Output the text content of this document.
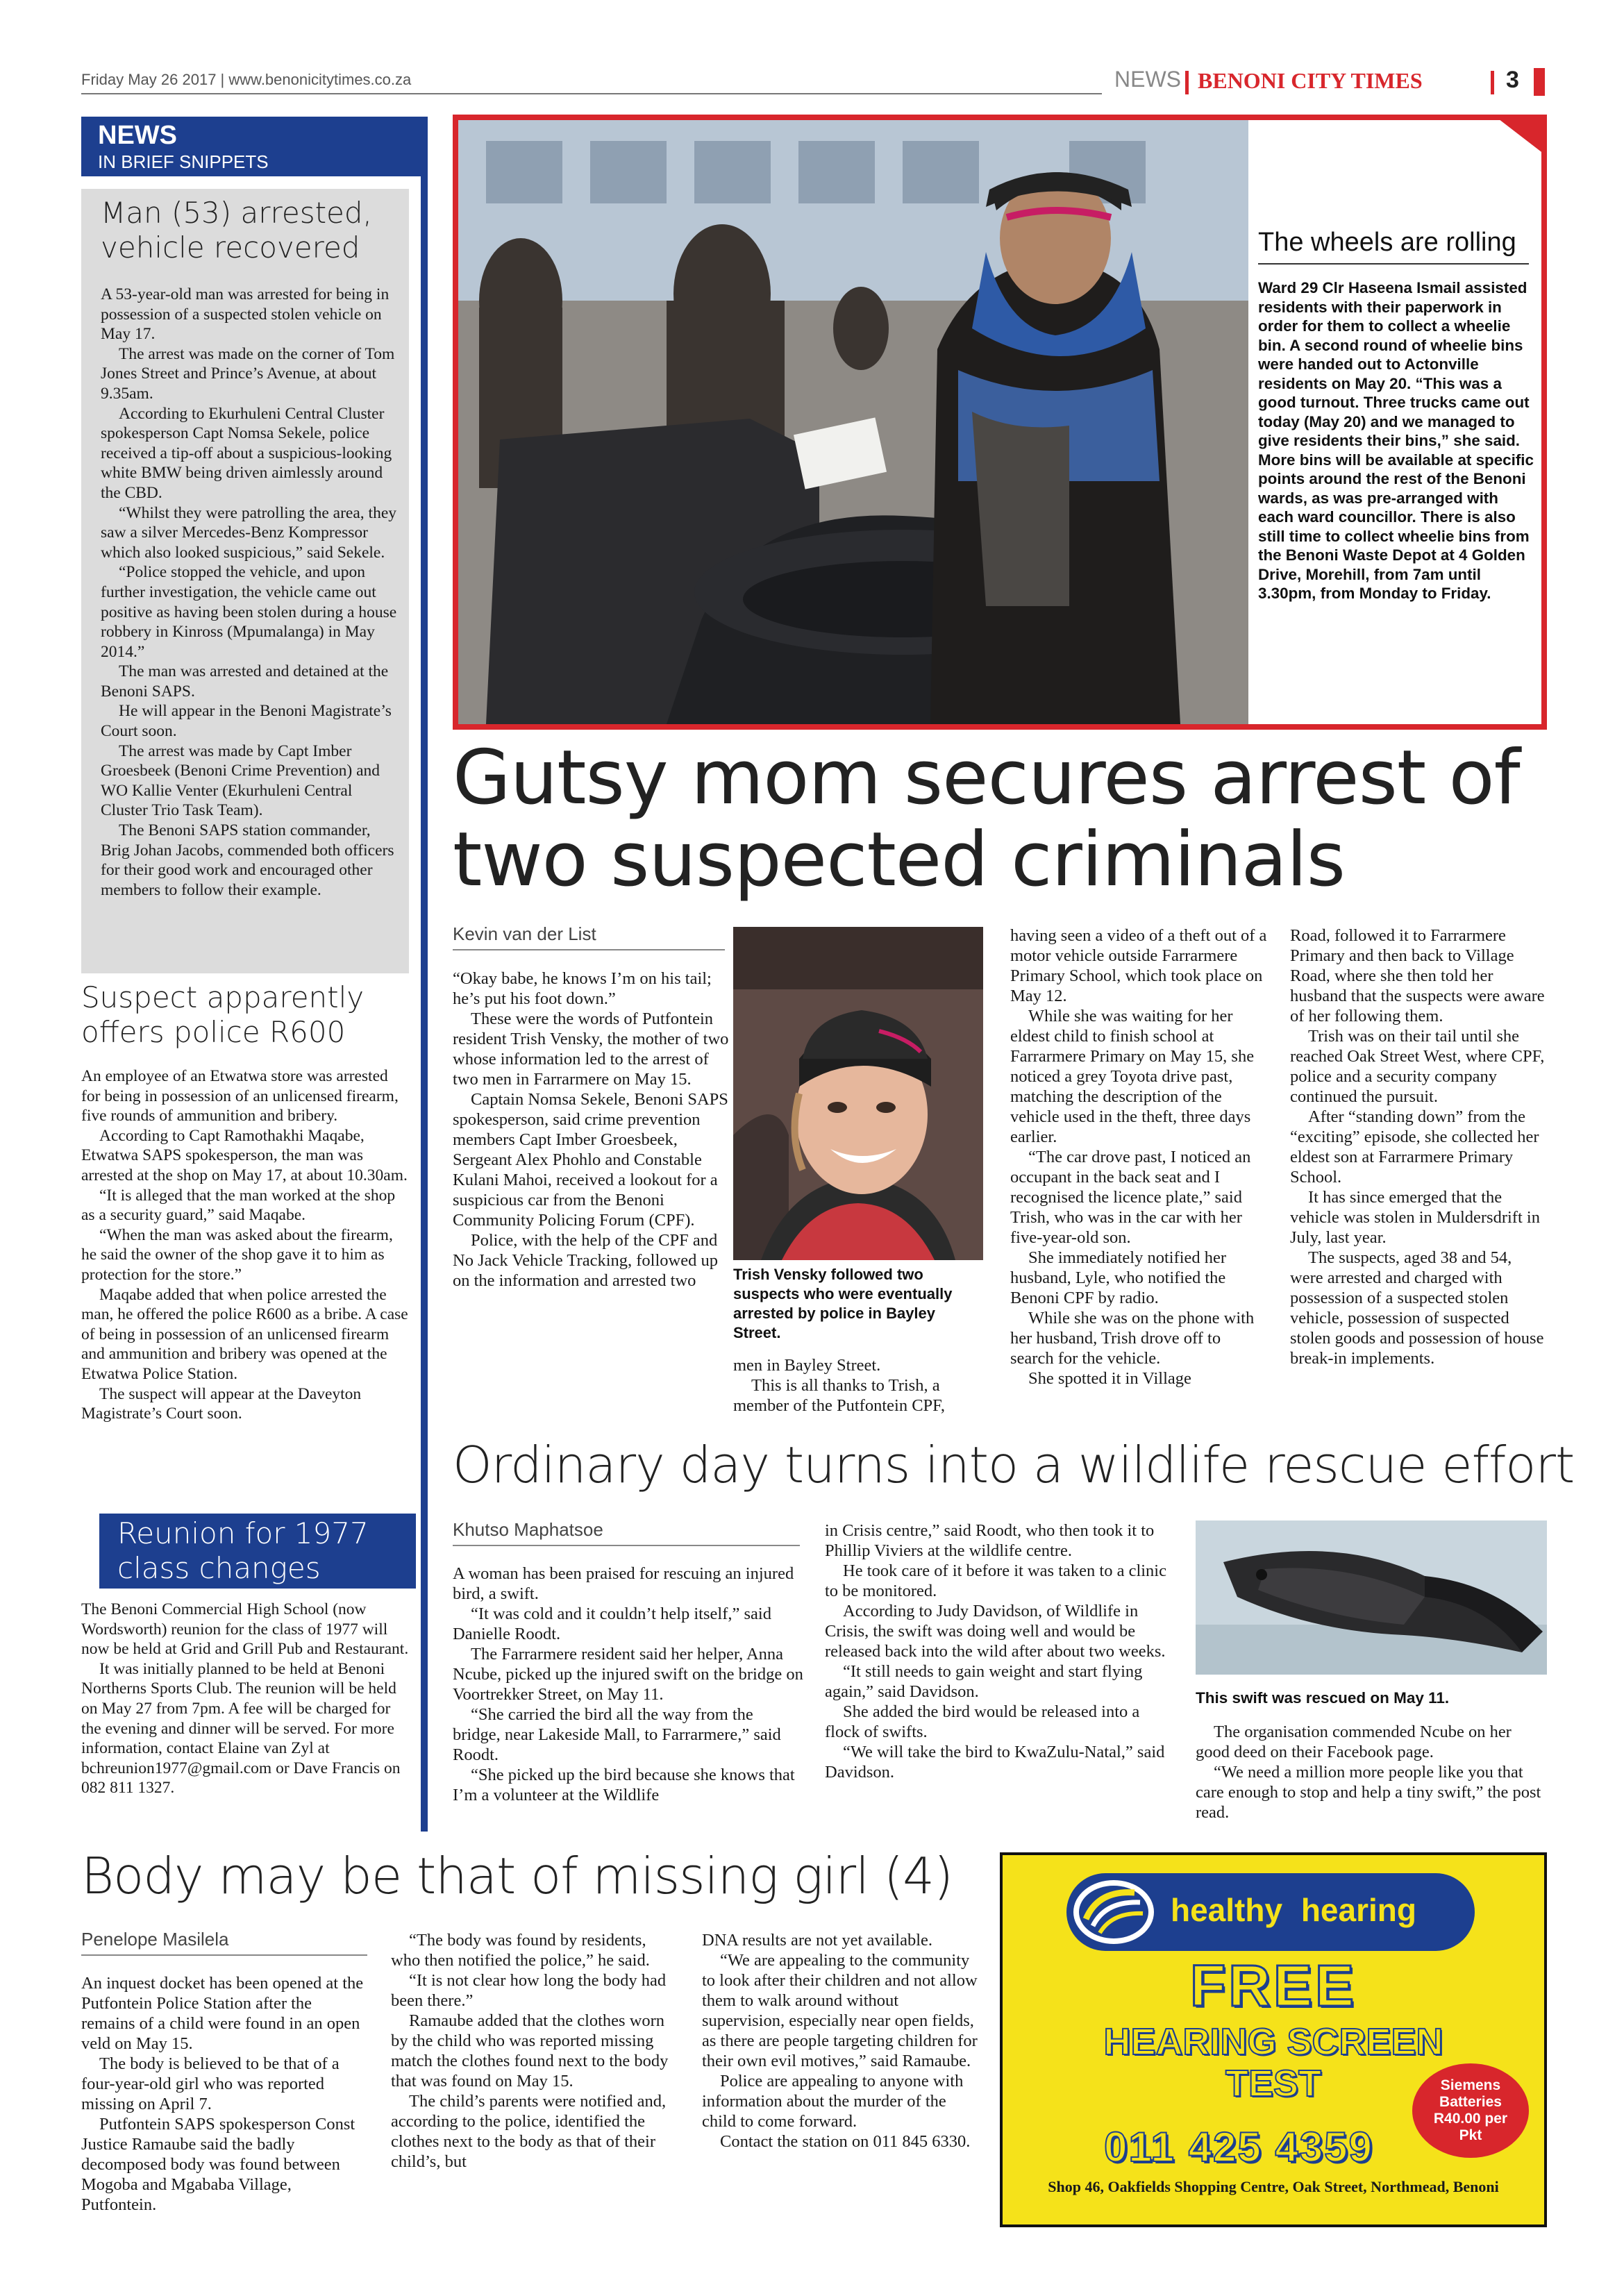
Friday May 26 2017 | www.benonicitytimes.co.za	NEWS BENONI CITY TIMES	3
NEWS
IN BRIEF SNIPPETS
Man (53) arrested, vehicle recovered

A 53-year-old man was arrested for being in possession of a suspected stolen vehicle on May 17.

The arrest was made on the corner of Tom Jones Street and Prince’s Avenue, at about 9.35am.

According to Ekurhuleni Central Cluster spokesperson Capt Nomsa Sekele, police received a tip-off about a suspicious-looking white BMW being driven aimlessly around the CBD.

“Whilst they were patrolling the area, they saw a silver Mercedes-Benz Kompressor which also looked suspicious,” said Sekele.

“Police stopped the vehicle, and upon further investigation, the vehicle came out positive as having been stolen during a house robbery in Kinross (Mpumalanga) in May 2014.”

The man was arrested and detained at the Benoni SAPS.

He will appear in the Benoni Magistrate’s Court soon.

The arrest was made by Capt Imber Groesbeek (Benoni Crime Prevention) and WO Kallie Venter (Ekurhuleni Central Cluster Trio Task Team).

The Benoni SAPS station commander, Brig Johan Jacobs, commended both officers for their good work and encouraged other members to follow their example.

Suspect apparently offers police R600

An employee of an Etwatwa store was arrested for being in possession of an unlicensed firearm, five rounds of ammunition and bribery.

According to Capt Ramothakhi Maqabe, Etwatwa SAPS spokesperson, the man was arrested at the shop on May 17, at about 10.30am.

“It is alleged that the man worked at the shop as a security guard,” said Maqabe.

“When the man was asked about the firearm, he said the owner of the shop gave it to him as protection for the store.”

Maqabe added that when police arrested the man, he offered the police R600 as a bribe. A case of being in possession of an unlicensed firearm and ammunition and bribery was opened at the Etwatwa Police Station.

The suspect will appear at the Daveyton Magistrate’s Court soon.

Reunion for 1977 class changes

The Benoni Commercial High School (now Wordsworth) reunion for the class of 1977 will now be held at Grid and Grill Pub and Restaurant.

It was initially planned to be held at Benoni Northerns Sports Club. The reunion will be held on May 27 from 7pm. A fee will be charged for the evening and dinner will be served. For more information, contact Elaine van Zyl at bchreunion1977@gmail.com or Dave Francis on 082 811 1327.

The wheels are rolling
Ward 29 Clr Haseena Ismail assisted residents with their paperwork in order for them to collect a wheelie bin. A second round of wheelie bins were handed out to Actonville residents on May 20. “This was a good turnout. Three trucks came out today (May 20) and we managed to give residents their bins,” she said. More bins will be available at specific points around the rest of the Benoni wards, as was pre-arranged with each ward councillor. There is also still time to collect wheelie bins from the Benoni Waste Depot at 4 Golden Drive, Morehill, from 7am until 3.30pm, from Monday to Friday.
Gutsy mom secures arrest of two suspected criminals
Kevin van der List

“Okay babe, he knows I’m on his tail; he’s put his foot down.”

These were the words of Putfontein resident Trish Vensky, the mother of two whose information led to the arrest of two men in Farrarmere on May 15.

Captain Nomsa Sekele, Benoni SAPS spokesperson, said crime prevention members Capt Imber Groesbeek, Sergeant Alex Phohlo and Constable Kulani Mahoi, received a lookout for a suspicious car from the Benoni Community Policing Forum (CPF).

Police, with the help of the CPF and No Jack Vehicle Tracking, followed up on the information and arrested two	Trish Vensky followed two suspects who were eventually arrested by police in Bayley Street.

men in Bayley Street.

This is all thanks to Trish, a member of the Putfontein CPF,

having seen a video of a theft out of a motor vehicle outside Farrarmere Primary School, which took place on May 12.

While she was waiting for her eldest child to finish school at Farrarmere Primary on May 15, she noticed a grey Toyota drive past, matching the description of the vehicle used in the theft, three days earlier.

“The car drove past, I noticed an occupant in the back seat and I recognised the licence plate,” said Trish, who was in the car with her five-year-old son.

She immediately notified her husband, Lyle, who notified the Benoni CPF by radio.

While she was on the phone with her husband, Trish drove off to search for the vehicle.

She spotted it in Village

Road, followed it to Farrarmere Primary and then back to Village Road, where she then told her husband that the suspects were aware of her following them.

Trish was on their tail until she reached Oak Street West, where CPF, police and a security company continued the pursuit.

After “standing down” from the “exciting” episode, she collected her eldest son at Farrarmere Primary School.

It has since emerged that the vehicle was stolen in Muldersdrift in July, last year.

The suspects, aged 38 and 54, were arrested and charged with possession of a suspected stolen vehicle, possession of suspected stolen goods and possession of house break-in implements.

Ordinary day turns into a wildlife rescue effort
Khutso Maphatsoe

A woman has been praised for rescuing an injured bird, a swift.

“It was cold and it couldn’t help itself,” said Danielle Roodt.

The Farrarmere resident said her helper, Anna Ncube, picked up the injured swift on the bridge on Voortrekker Street, on May 11.

“She carried the bird all the way from the bridge, near Lakeside Mall, to Farrarmere,” said Roodt.

“She picked up the bird because she knows that I’m a volunteer at the Wildlife

in Crisis centre,” said Roodt, who then took it to Phillip Viviers at the wildlife centre.

He took care of it before it was taken to a clinic to be monitored.

According to Judy Davidson, of Wildlife in Crisis, the swift was doing well and would be released back into the wild after about two weeks.

“It still needs to gain weight and start flying again,” said Davidson.

She added the bird would be released into a flock of swifts.

“We will take the bird to KwaZulu-Natal,” said Davidson.

This swift was rescued on May 11.

The organisation commended Ncube on her good deed on their Facebook page.

“We need a million more people like you that care enough to stop and help a tiny swift,” the post read.

Body may be that of missing girl (4)
Penelope Masilela

An inquest docket has been opened at the Putfontein Police Station after the remains of a child were found in an open veld on May 15.

The body is believed to be that of a four-year-old girl who was reported missing on April 7.

Putfontein SAPS spokesperson Const Justice Ramaube said the badly decomposed body was found between Mogoba and Mgababa Village, Putfontein.

“The body was found by residents, who then notified the police,” he said.

“It is not clear how long the body had been there.”

Ramaube added that the clothes worn by the child who was reported missing match the clothes found next to the body that was found on May 15.

The child’s parents were notified and, according to the police, identified the clothes next to the body as that of their child’s, but

DNA results are not yet available.

“We are appealing to the community to look after their children and not allow them to walk around without supervision, especially near open fields, as there are people targeting children for their own evil motives,” said Ramaube.

Police are appealing to anyone with information about the murder of the child to come forward.

Contact the station on 011 845 6330.

healthy hearing
FREE
HEARING SCREEN
TEST	Siemens Batteries R40.00 per Pkt
011 425 4359
Shop 46, Oakfields Shopping Centre, Oak Street, Northmead, Benoni
